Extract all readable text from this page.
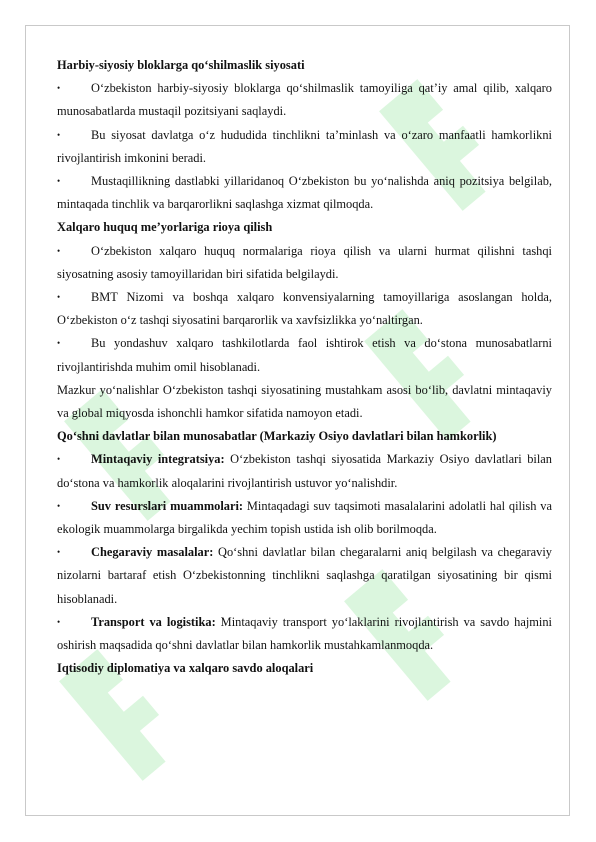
Harbiy-siyosiy bloklarga qo‘shilmaslik siyosati

• O‘zbekiston harbiy-siyosiy bloklarga qo‘shilmaslik tamoyiliga qat’iy amal qilib, xalqaro munosabatlarda mustaqil pozitsiyani saqlaydi.

• Bu siyosat davlatga o‘z hududida tinchlikni ta’minlash va o‘zaro manfaatli hamkorlikni rivojlantirish imkonini beradi.

• Mustaqillikning dastlabki yillaridanoq O‘zbekiston bu yo‘nalishda aniq pozitsiya belgilab, mintaqada tinchlik va barqarorlikni saqlashga xizmat qilmoqda.

Xalqaro huquq me’yorlariga rioya qilish

• O‘zbekiston xalqaro huquq normalariga rioya qilish va ularni hurmat qilishni tashqi siyosatning asosiy tamoyillaridan biri sifatida belgilaydi.

• BMT Nizomi va boshqa xalqaro konvensiyalarning tamoyillariga asoslangan holda, O‘zbekiston o‘z tashqi siyosatini barqarorlik va xavfsizlikka yo‘naltirgan.

• Bu yondashuv xalqaro tashkilotlarda faol ishtirok etish va do‘stona munosabatlarni rivojlantirishda muhim omil hisoblanadi.

Mazkur yo‘nalishlar O‘zbekiston tashqi siyosatining mustahkam asosi bo‘lib, davlatni mintaqaviy va global miqyosda ishonchli hamkor sifatida namoyon etadi.

Qo‘shni davlatlar bilan munosabatlar (Markaziy Osiyo davlatlari bilan hamkorlik)

• Mintaqaviy integratsiya: O‘zbekiston tashqi siyosatida Markaziy Osiyo davlatlari bilan do‘stona va hamkorlik aloqalarini rivojlantirish ustuvor yo‘nalishdir.

• Suv resurslari muammolari: Mintaqadagi suv taqsimoti masalalarini adolatli hal qilish va ekologik muammolarga birgalikda yechim topish ustida ish olib borilmoqda.

• Chegaraviy masalalar: Qo‘shni davlatlar bilan chegaralarni aniq belgilash va chegaraviy nizolarni bartaraf etish O‘zbekistonning tinchlikni saqlashga qaratilgan siyosatining bir qismi hisoblanadi.

• Transport va logistika: Mintaqaviy transport yo‘laklarini rivojlantirish va savdo hajmini oshirish maqsadida qo‘shni davlatlar bilan hamkorlik mustahkamlanmoqda.

Iqtisodiy diplomatiya va xalqaro savdo aloqalari
